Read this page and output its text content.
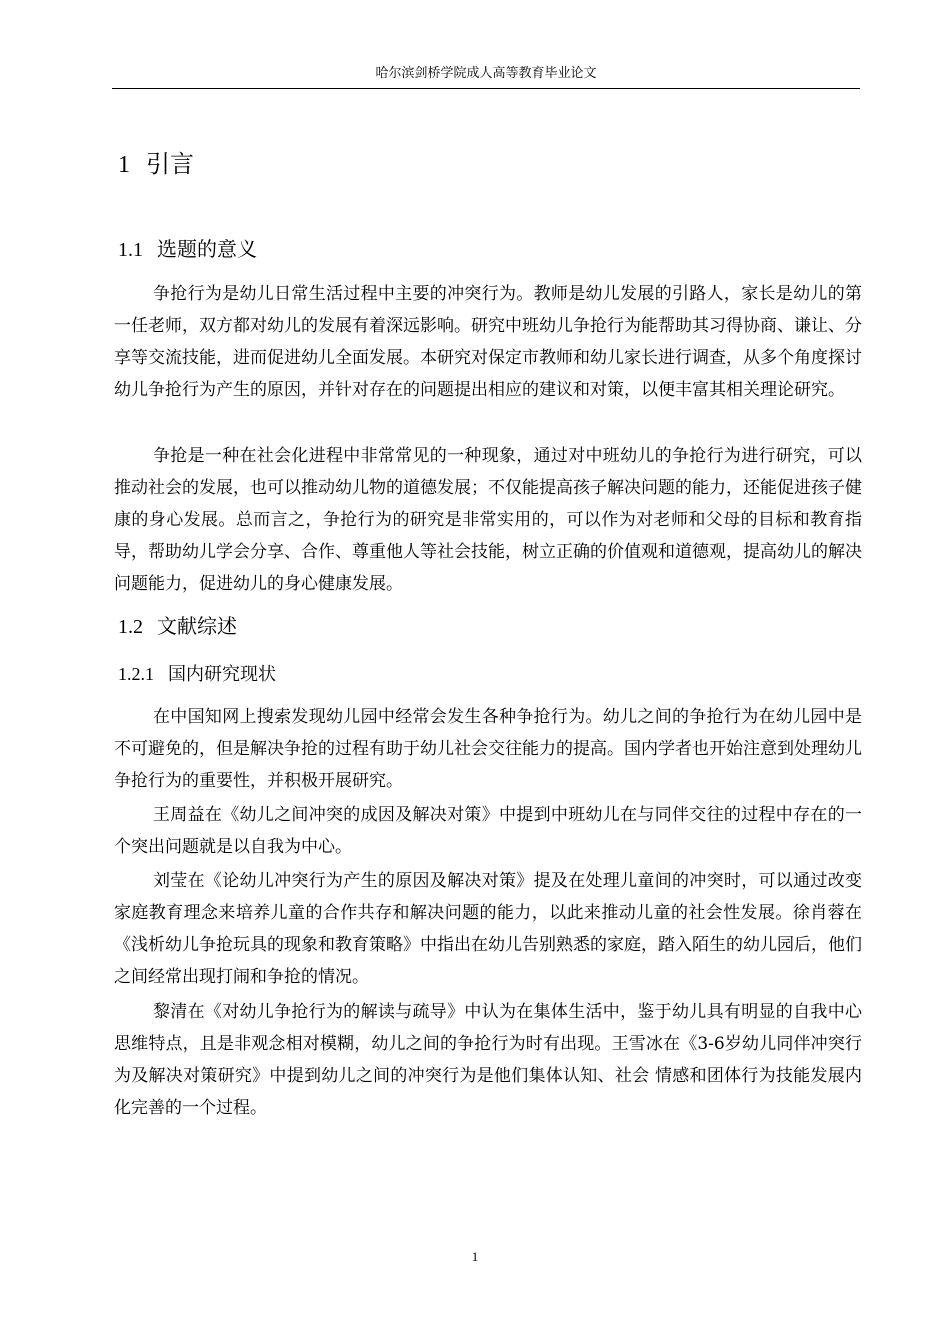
哈尔滨剑桥学院成人高等教育毕业论文
1 引言
1.1 选题的意义

争抢行为是幼儿日常生活过程中主要的冲突行为。教师是幼儿发展的引路人，家长是幼儿的第一任老师，双方都对幼儿的发展有着深远影响。研究中班幼儿争抢行为能帮助其习得协商、谦让、分享等交流技能，进而促进幼儿全面发展。本研究对保定市教师和幼儿家长进行调查，从多个角度探讨幼儿争抢行为产生的原因，并针对存在的问题提出相应的建议和对策，以便丰富其相关理论研究。

争抢是一种在社会化进程中非常常见的一种现象，通过对中班幼儿的争抢行为进行研究，可以推动社会的发展，也可以推动幼儿物的道德发展；不仅能提高孩子解决问题的能力，还能促进孩子健康的身心发展。总而言之，争抢行为的研究是非常实用的，可以作为对老师和父母的目标和教育指导，帮助幼儿学会分享、合作、尊重他人等社会技能，树立正确的价值观和道德观，提高幼儿的解决问题能力，促进幼儿的身心健康发展。

1.2 文献综述
1.2.1 国内研究现状

在中国知网上搜索发现幼儿园中经常会发生各种争抢行为。幼儿之间的争抢行为在幼儿园中是不可避免的，但是解决争抢的过程有助于幼儿社会交往能力的提高。国内学者也开始注意到处理幼儿争抢行为的重要性，并积极开展研究。

王周益在《幼儿之间冲突的成因及解决对策》中提到中班幼儿在与同伴交往的过程中存在的一个突出问题就是以自我为中心。

刘莹在《论幼儿冲突行为产生的原因及解决对策》提及在处理儿童间的冲突时，可以通过改变家庭教育理念来培养儿童的合作共存和解决问题的能力，以此来推动儿童的社会性发展。徐肖蓉在《浅析幼儿争抢玩具的现象和教育策略》中指出在幼儿告别熟悉的家庭，踏入陌生的幼儿园后，他们之间经常出现打闹和争抢的情况。

黎清在《对幼儿争抢行为的解读与疏导》中认为在集体生活中，鉴于幼儿具有明显的自我中心思维特点，且是非观念相对模糊，幼儿之间的争抢行为时有出现。王雪冰在《3-6岁幼儿同伴冲突行为及解决对策研究》中提到幼儿之间的冲突行为是他们集体认知、社会 情感和团体行为技能发展内化完善的一个过程。

1
